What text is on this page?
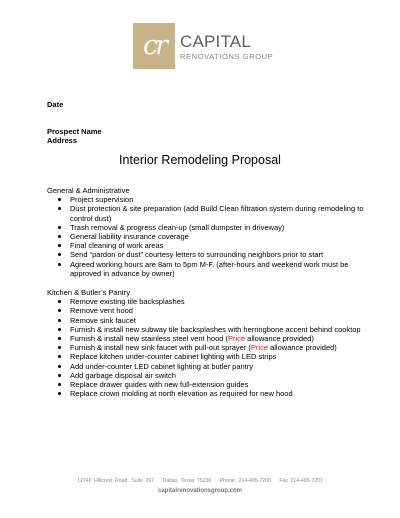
cr CAPITAL
RENOVATIONS GROUP
Date
Prospect Name
Address
Interior Remodeling Proposal

General & Administrative

Project supervision
Dust protection & site preparation (add Build Clean filtration system during remodeling to control dust)
Trash removal & progress clean-up (small dumpster in driveway)
General liability insurance coverage
Final cleaning of work areas
Send “pardon or dust” courtesy letters to surrounding neighbors prior to start
Agreed working hours are 8am to 5pm M-F. (after-hours and weekend work must be approved in advance by owner)

Kitchen & Butler’s Pantry

Remove existing tile backsplashes
Remove vent hood
Remove sink faucet
Furnish & install new subway tile backsplashes with herringbone accent behind cooktop
Furnish & install new stainless steel vent hood (Price allowance provided)
Furnish & install new sink faucet with pull-out sprayer (Price allowance provided)
Replace kitchen under-counter cabinet lighting with LED strips
Add under-counter LED cabinet lighting at butler pantry
Add garbage disposal air switch
Replace drawer guides with new full-extension guides
Replace crown molding at north elevation as required for new hood
12740 Hillcrest Road, Suite 267 Dallas, Texas 75230 Phone: 214-495-7200 Fax 214-495-7201
capitalrenovationsgroup.com
